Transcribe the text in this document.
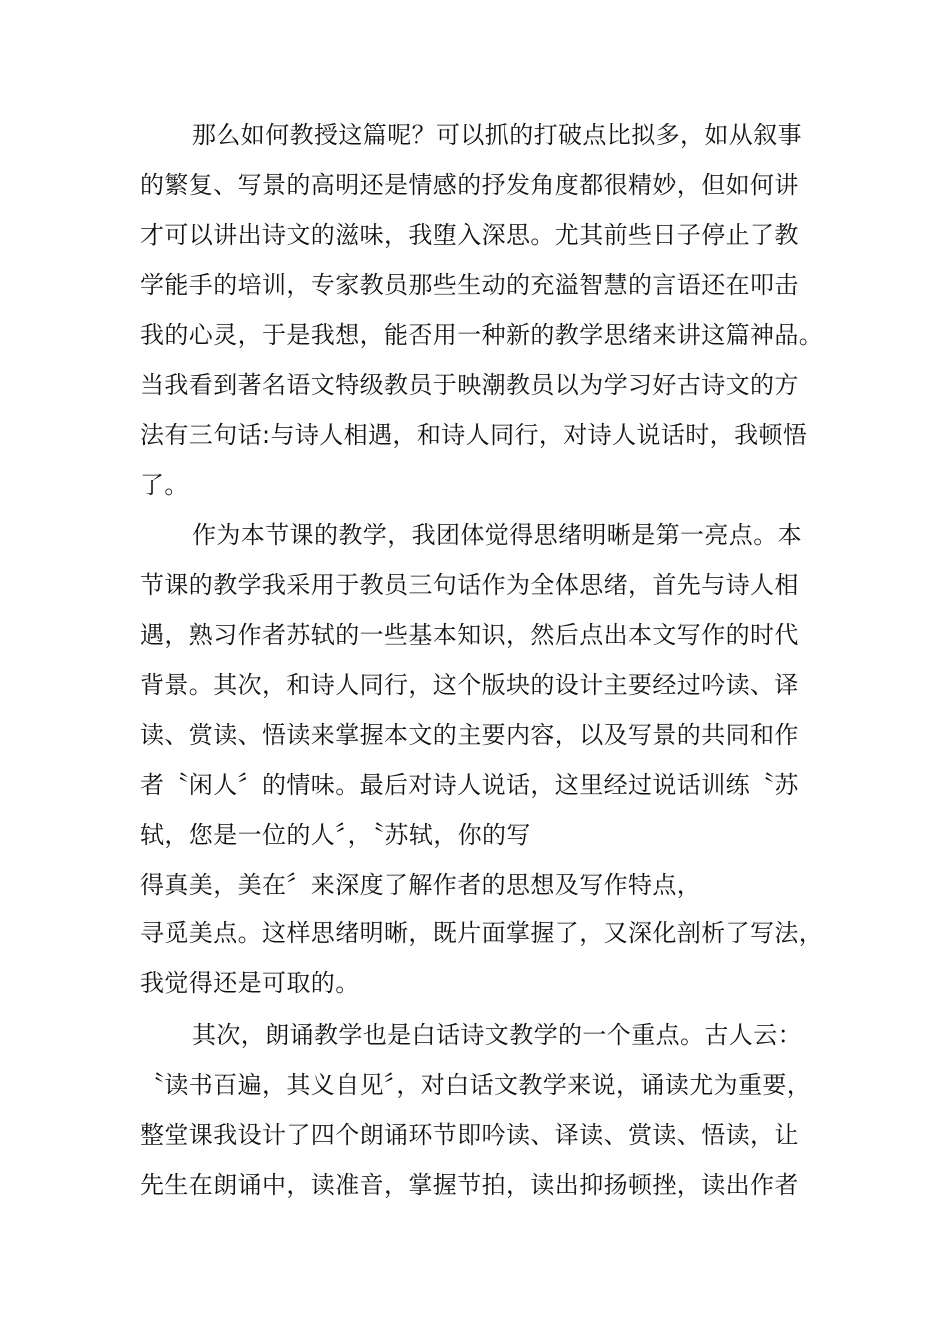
那么如何教授这篇呢？可以抓的打破点比拟多，如从叙事
的繁复、写景的高明还是情感的抒发角度都很精妙，但如何讲
才可以讲出诗文的滋味，我堕入深思。尤其前些日子停止了教
学能手的培训，专家教员那些生动的充溢智慧的言语还在叩击
我的心灵，于是我想，能否用一种新的教学思绪来讲这篇神品。
当我看到著名语文特级教员于映潮教员以为学习好古诗文的方
法有三句话:与诗人相遇，和诗人同行，对诗人说话时，我顿悟
了。
作为本节课的教学，我团体觉得思绪明晰是第一亮点。本
节课的教学我采用于教员三句话作为全体思绪，首先与诗人相
遇，熟习作者苏轼的一些基本知识，然后点出本文写作的时代
背景。其次，和诗人同行，这个版块的设计主要经过吟读、译
读、赏读、悟读来掌握本文的主要内容，以及写景的共同和作
者〝闲人〞的情味。最后对诗人说话，这里经过说话训练〝苏
轼，您是一位的人〞，〝苏轼，你的写
得真美，美在〞来深度了解作者的思想及写作特点，
寻觅美点。这样思绪明晰，既片面掌握了，又深化剖析了写法，
我觉得还是可取的。
其次，朗诵教学也是白话诗文教学的一个重点。古人云：
〝读书百遍，其义自见〞，对白话文教学来说，诵读尤为重要，
整堂课我设计了四个朗诵环节即吟读、译读、赏读、悟读，让
先生在朗诵中，读准音，掌握节拍，读出抑扬顿挫，读出作者
